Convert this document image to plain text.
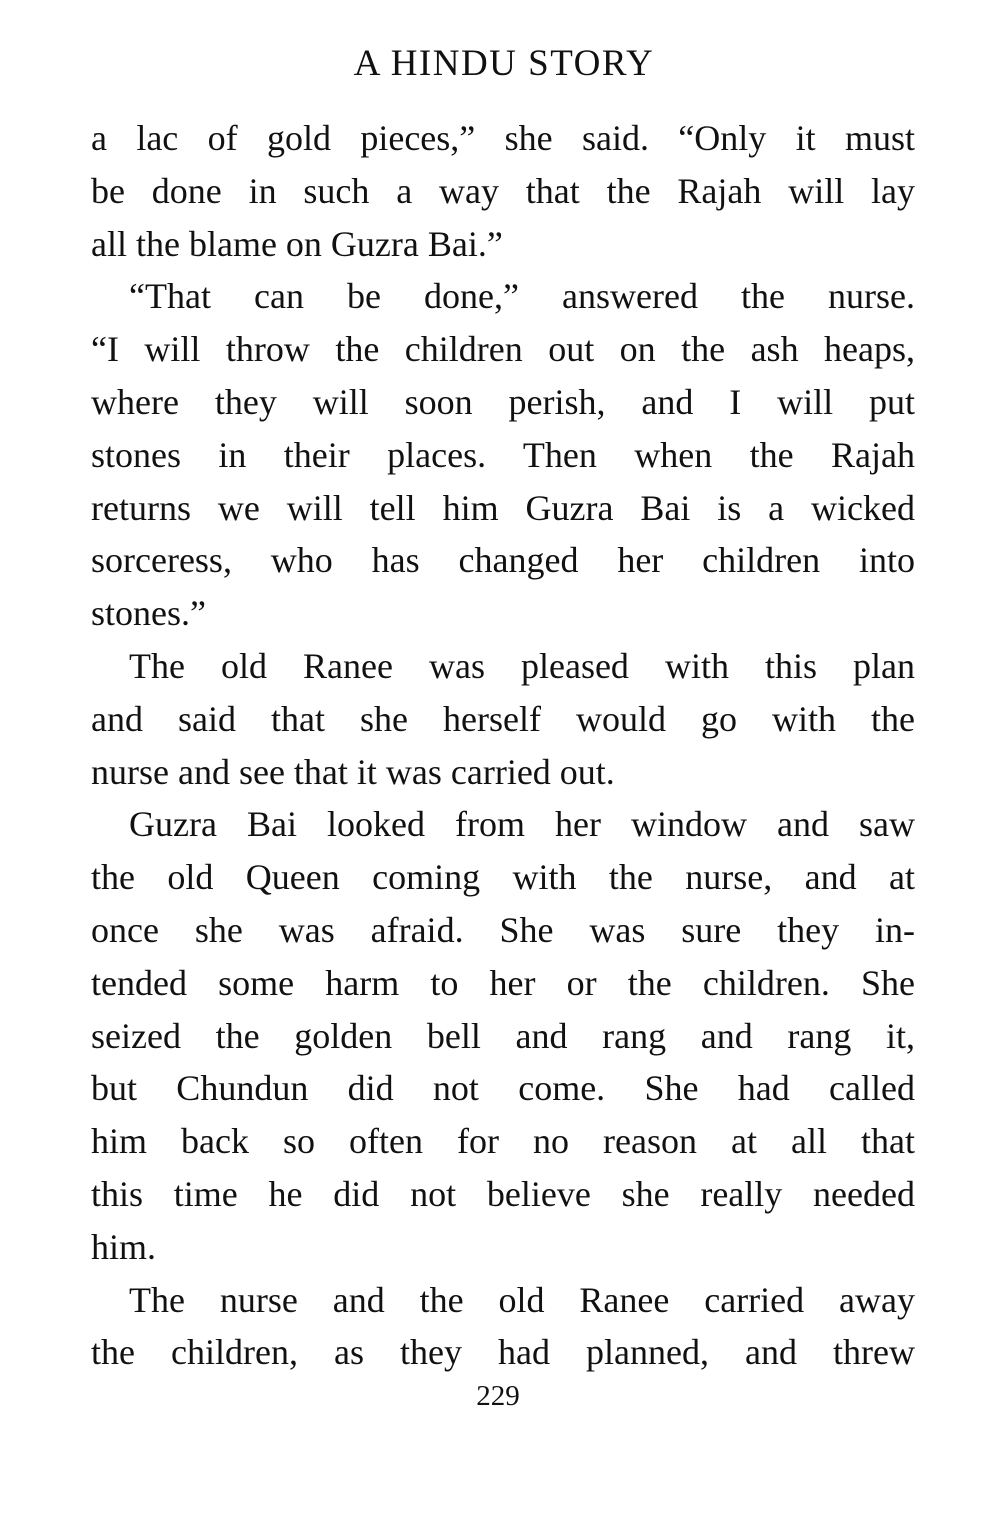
A HINDU STORY
a lac of gold pieces,” she said. “Only it must
be done in such a way that the Rajah will lay
all the blame on Guzra Bai.”
“That can be done,” answered the nurse.
“I will throw the children out on the ash heaps,
where they will soon perish, and I will put
stones in their places. Then when the Rajah
returns we will tell him Guzra Bai is a wicked
sorceress, who has changed her children into
stones.”
The old Ranee was pleased with this plan
and said that she herself would go with the
nurse and see that it was carried out.
Guzra Bai looked from her window and saw
the old Queen coming with the nurse, and at
once she was afraid. She was sure they in-
tended some harm to her or the children. She
seized the golden bell and rang and rang it,
but Chundun did not come. She had called
him back so often for no reason at all that
this time he did not believe she really needed
him.
The nurse and the old Ranee carried away
the children, as they had planned, and threw
229
